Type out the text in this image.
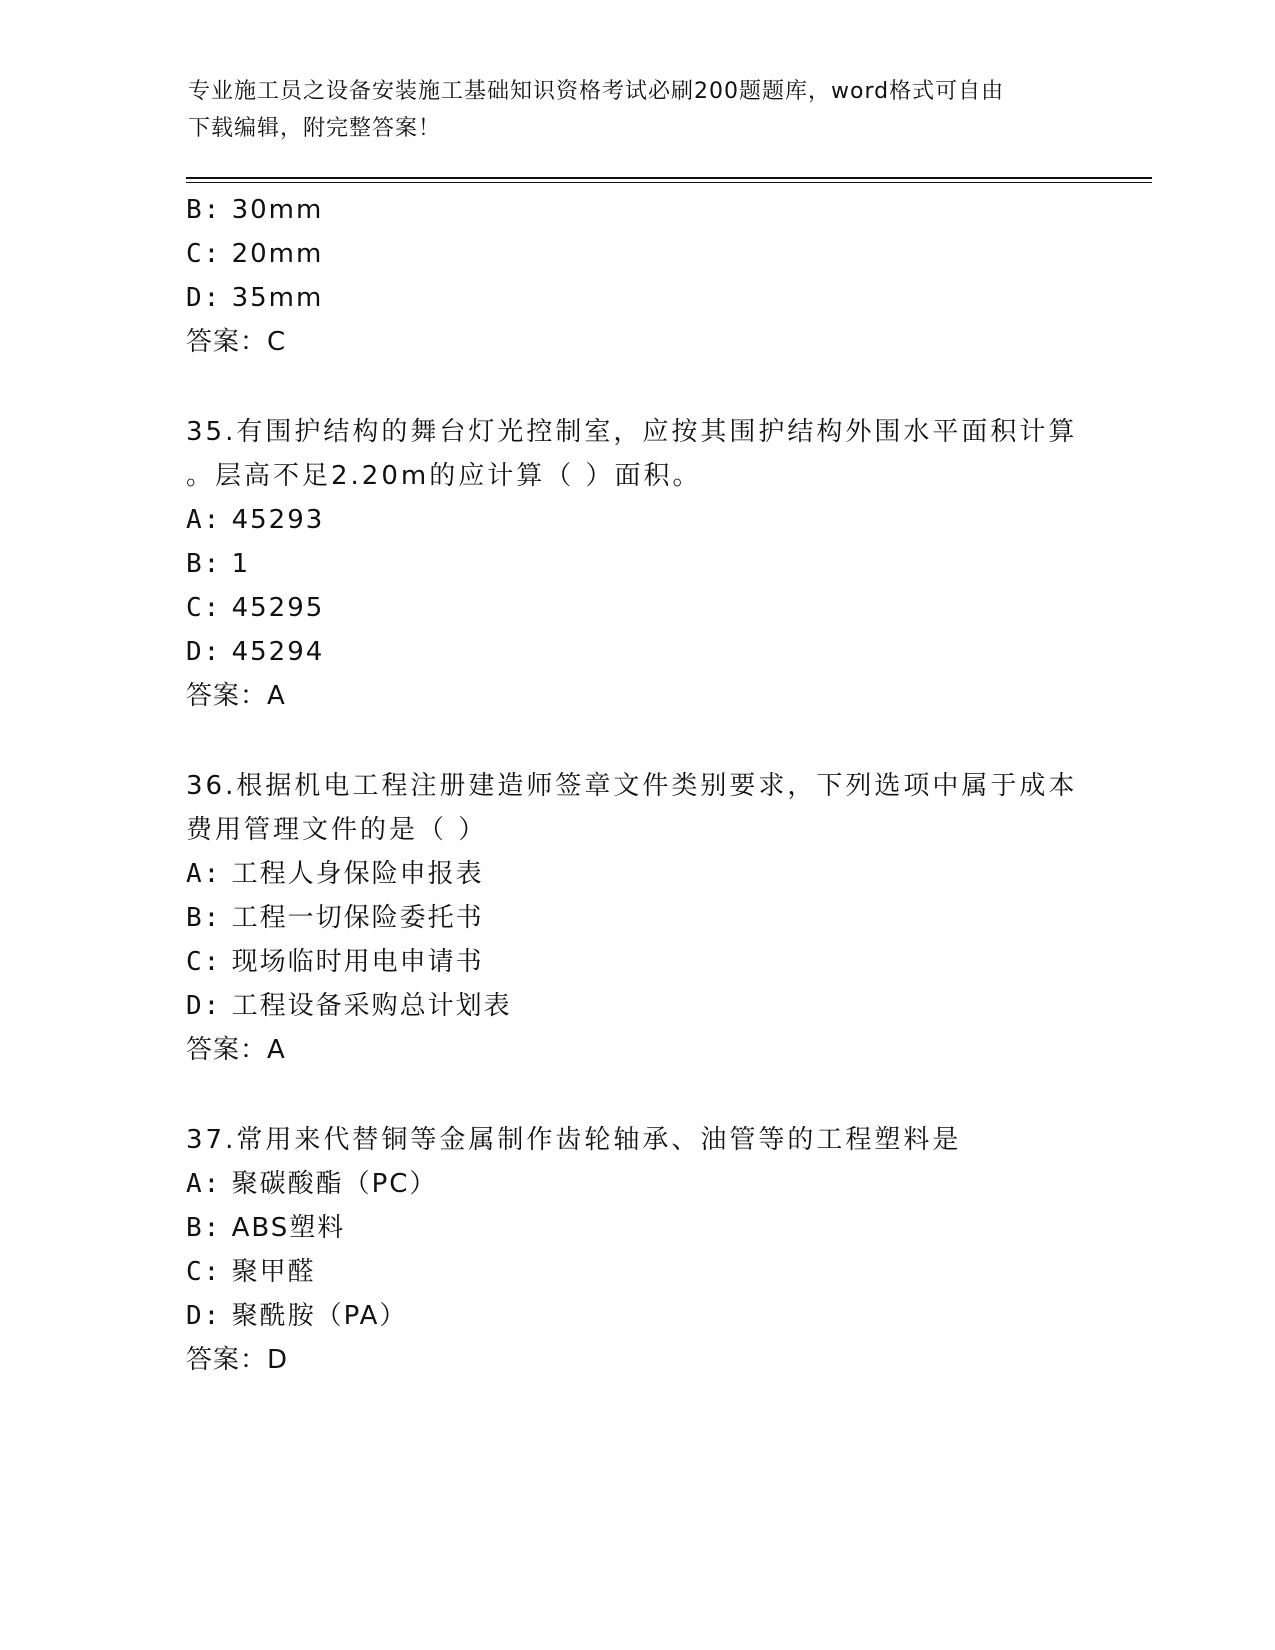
专业施工员之设备安装施工基础知识资格考试必刷200题题库，word格式可自由
下载编辑，附完整答案！

B: 30mm

C: 20mm

D: 35mm

答案：C

35.有围护结构的舞台灯光控制室，应按其围护结构外围水平面积计算

。层高不足2.20m的应计算（ ）面积。

A: 45293

B: 1

C: 45295

D: 45294

答案：A

36.根据机电工程注册建造师签章文件类别要求，下列选项中属于成本

费用管理文件的是（ ）

A: 工程人身保险申报表

B: 工程一切保险委托书

C: 现场临时用电申请书

D: 工程设备采购总计划表

答案：A

37.常用来代替铜等金属制作齿轮轴承、油管等的工程塑料是

A: 聚碳酸酯（PC）

B: ABS塑料

C: 聚甲醛

D: 聚酰胺（PA）

答案：D
